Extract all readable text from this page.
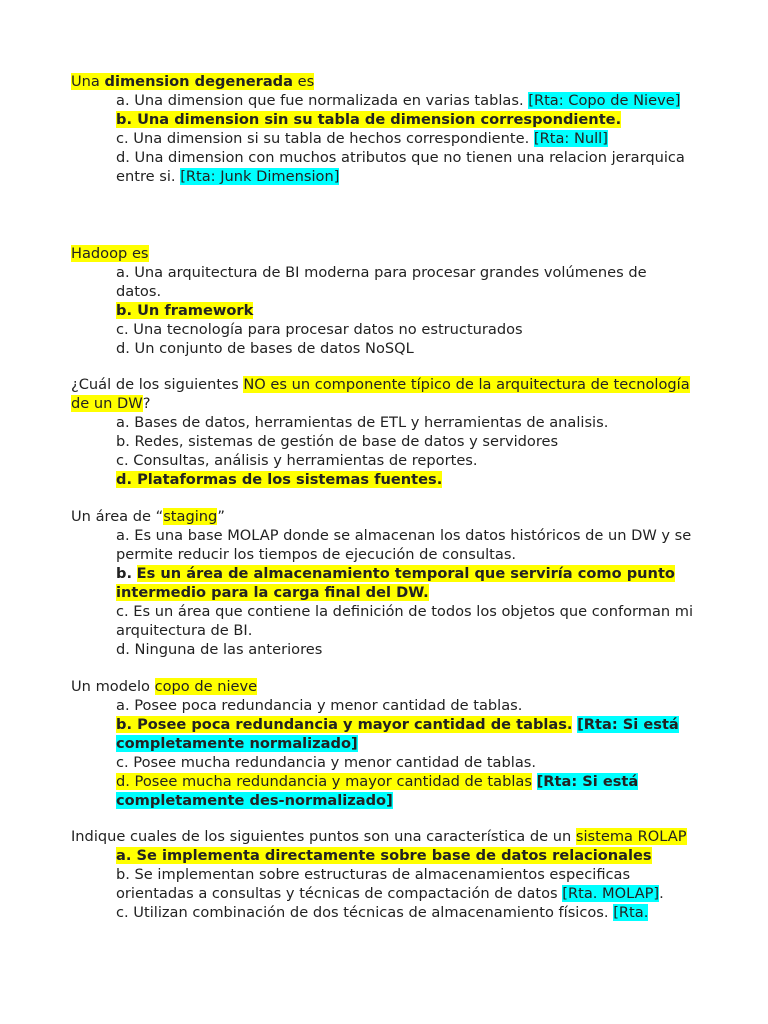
Una dimension degenerada es
a. Una dimension que fue normalizada en varias tablas. [Rta: Copo de Nieve]
b. Una dimension sin su tabla de dimension correspondiente.
c. Una dimension si su tabla de hechos correspondiente. [Rta: Null]
d. Una dimension con muchos atributos que no tienen una relacion jerarquica entre si. [Rta: Junk Dimension]
Hadoop es
a. Una arquitectura de BI moderna para procesar grandes volúmenes de datos.
b. Un framework
c. Una tecnología para procesar datos no estructurados
d. Un conjunto de bases de datos NoSQL
¿Cuál de los siguientes NO es un componente típico de la arquitectura de tecnología de un DW?
a. Bases de datos, herramientas de ETL y herramientas de analisis.
b. Redes, sistemas de gestión de base de datos y servidores
c. Consultas, análisis y herramientas de reportes.
d. Plataformas de los sistemas fuentes.
Un área de “staging”
a. Es una base MOLAP donde se almacenan los datos históricos de un DW y se permite reducir los tiempos de ejecución de consultas.
b. Es un área de almacenamiento temporal que serviría como punto intermedio para la carga final del DW.
c. Es un área que contiene la definición de todos los objetos que conforman mi arquitectura de BI.
d. Ninguna de las anteriores
Un modelo copo de nieve
a. Posee poca redundancia y menor cantidad de tablas.
b. Posee poca redundancia y mayor cantidad de tablas. [Rta: Si está completamente normalizado]
c. Posee mucha redundancia y menor cantidad de tablas.
d. Posee mucha redundancia y mayor cantidad de tablas [Rta: Si está completamente des-normalizado]
Indique cuales de los siguientes puntos son una característica de un sistema ROLAP
a. Se implementa directamente sobre base de datos relacionales
b. Se implementan sobre estructuras de almacenamientos especificas orientadas a consultas y técnicas de compactación de datos [Rta. MOLAP].
c. Utilizan combinación de dos técnicas de almacenamiento físicos. [Rta.
